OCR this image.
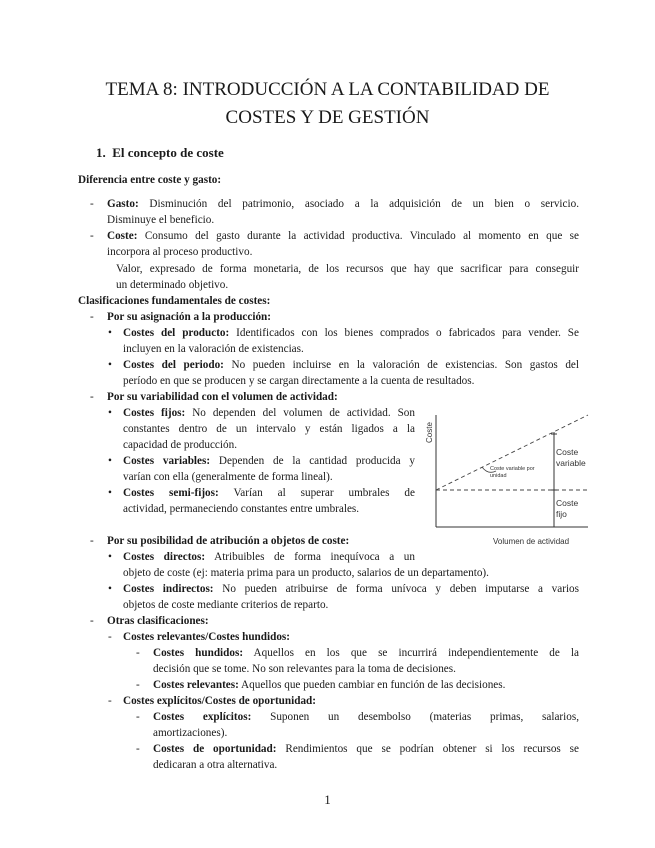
TEMA 8: INTRODUCCIÓN A LA CONTABILIDAD DE
COSTES Y DE GESTIÓN
1.  El concepto de coste
Diferencia entre coste y gasto:
- Gasto: Disminución del patrimonio, asociado a la adquisición de un bien o servicio.
Disminuye el beneficio.
- Coste: Consumo del gasto durante la actividad productiva. Vinculado al momento en que se
incorpora al proceso productivo.
Valor, expresado de forma monetaria, de los recursos que hay que sacrificar para conseguir
un determinado objetivo.
Clasificaciones fundamentales de costes:
- Por su asignación a la producción:
• Costes del producto: Identificados con los bienes comprados o fabricados para vender. Se
incluyen en la valoración de existencias.
• Costes del periodo: No pueden incluirse en la valoración de existencias. Son gastos del
período en que se producen y se cargan directamente a la cuenta de resultados.
- Por su variabilidad con el volumen de actividad:
• Costes fijos: No dependen del volumen de actividad. Son
constantes dentro de un intervalo y están ligados a la
capacidad de producción.
• Costes variables: Dependen de la cantidad producida y
varían con ella (generalmente de forma lineal).
• Costes semi-fijos: Varían al superar umbrales de
actividad, permaneciendo constantes entre umbrales.
Coste
Coste
variable
Coste
fijo
Coste variable por
unidad
Volumen de actividad
- Por su posibilidad de atribución a objetos de coste:
• Costes directos: Atribuibles de forma inequívoca a un
objeto de coste (ej: materia prima para un producto, salarios de un departamento).
• Costes indirectos: No pueden atribuirse de forma unívoca y deben imputarse a varios
objetos de coste mediante criterios de reparto.
- Otras clasificaciones:
- Costes relevantes/Costes hundidos:
- Costes hundidos: Aquellos en los que se incurrirá independientemente de la
decisión que se tome. No son relevantes para la toma de decisiones.
- Costes relevantes: Aquellos que pueden cambiar en función de las decisiones.
- Costes explícitos/Costes de oportunidad:
- Costes explícitos: Suponen un desembolso (materias primas, salarios,
amortizaciones).
- Costes de oportunidad: Rendimientos que se podrían obtener si los recursos se
dedicaran a otra alternativa.
1
